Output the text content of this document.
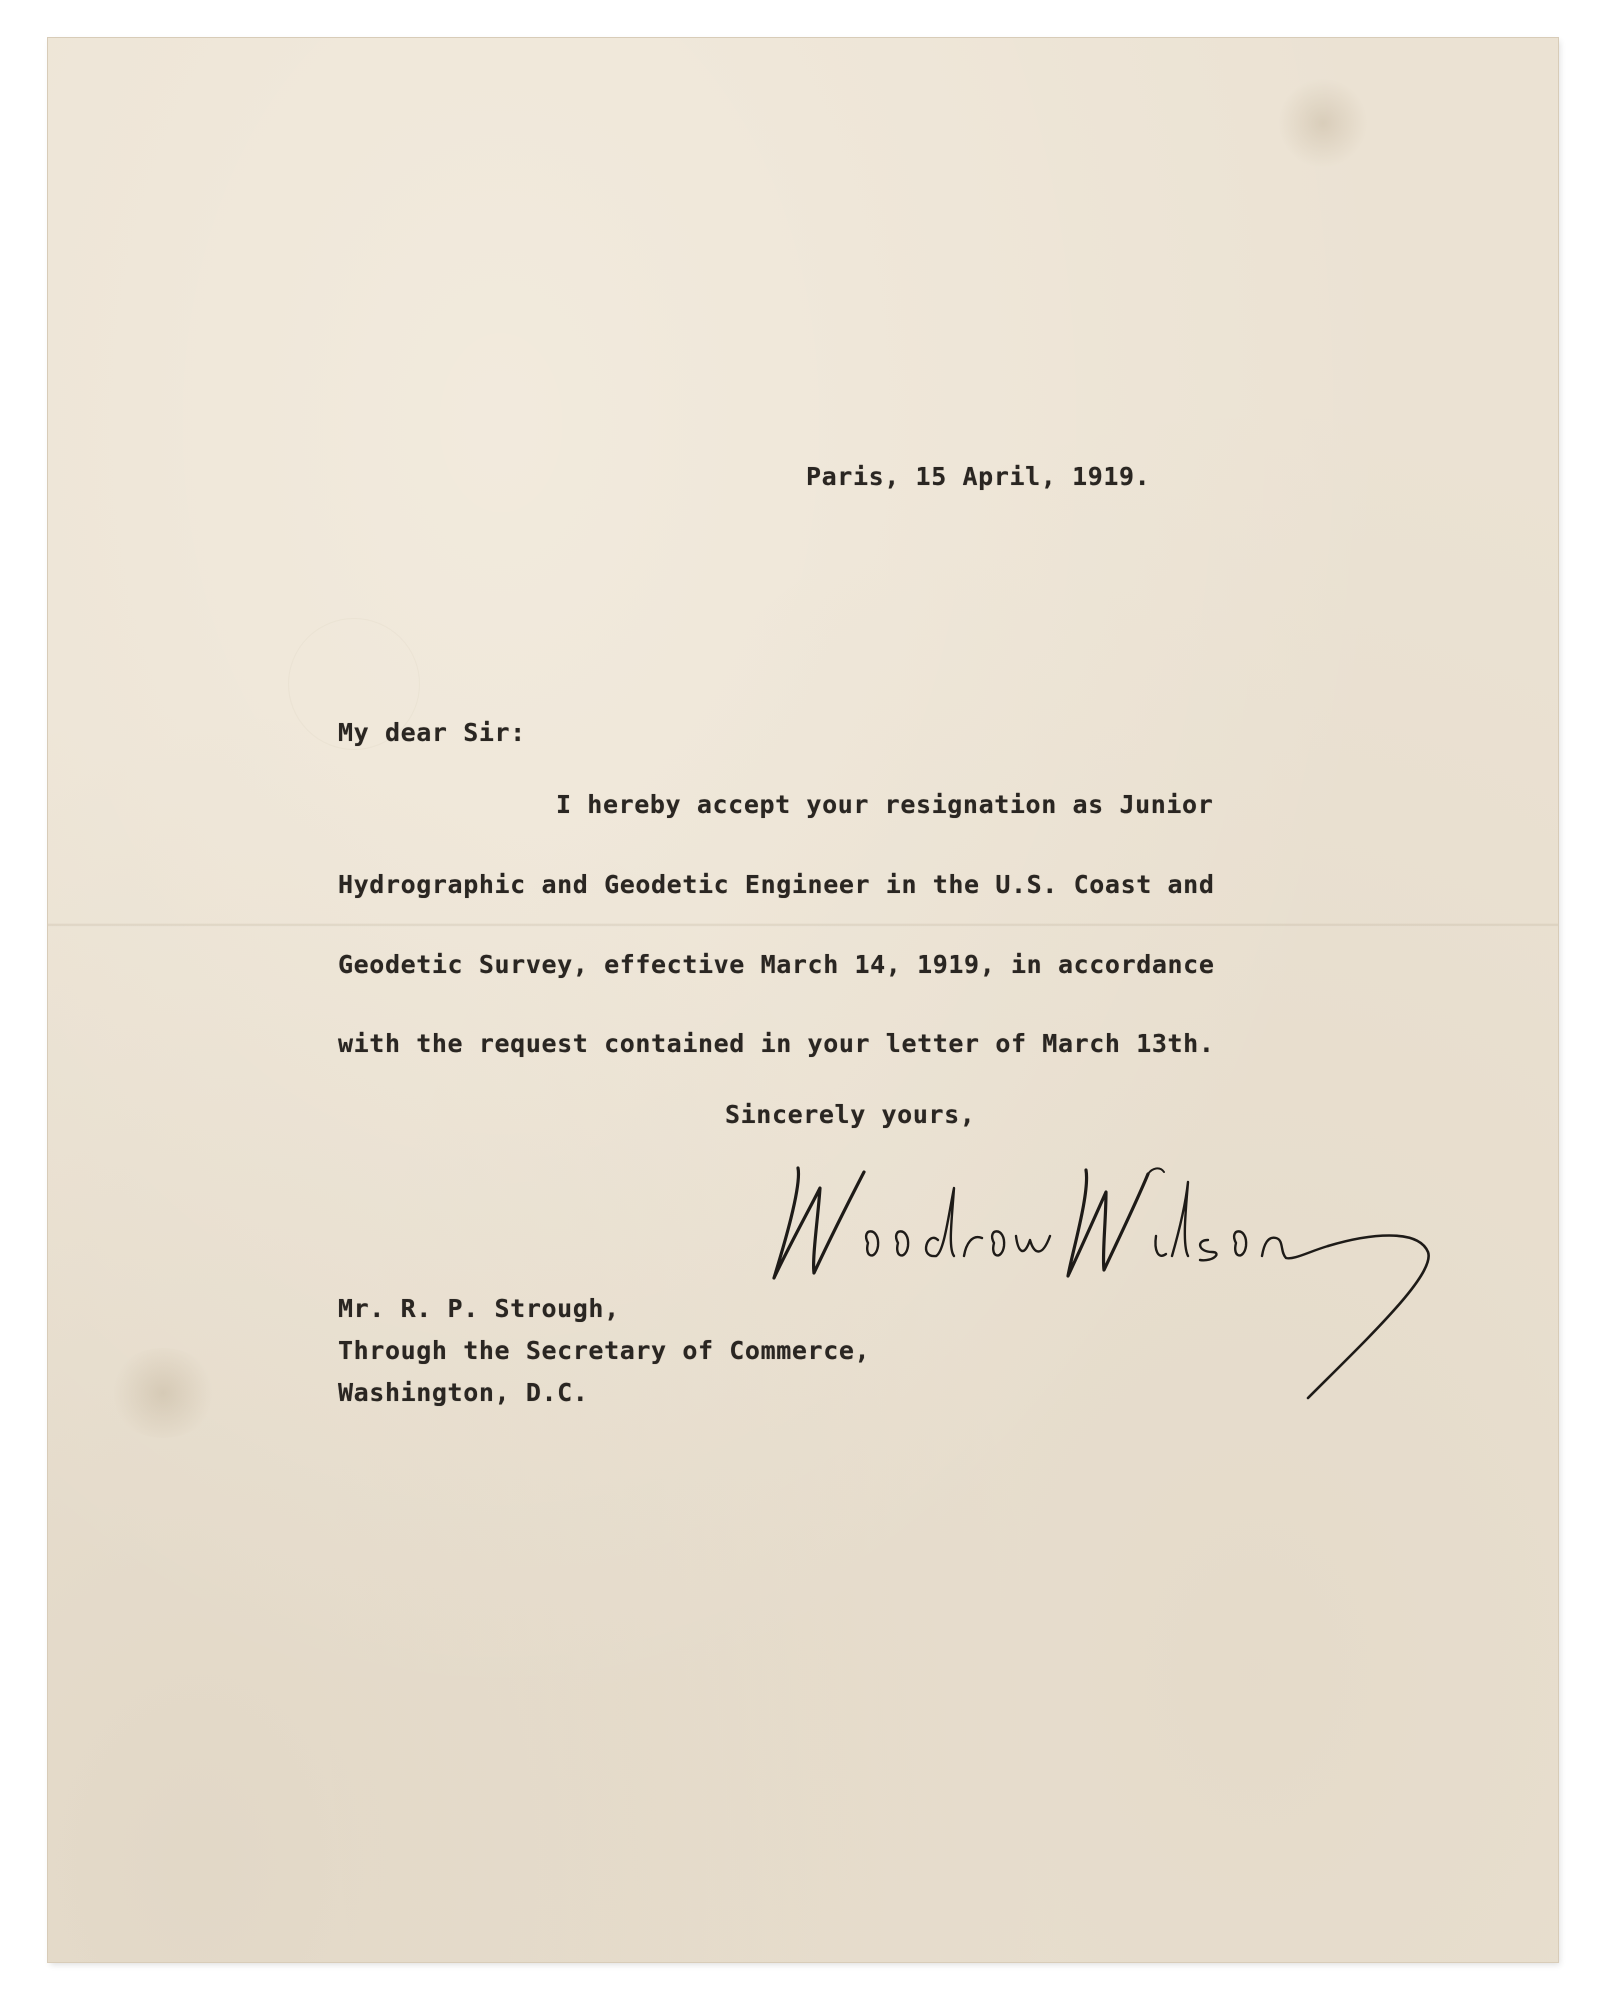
Paris, 15 April, 1919.
My dear Sir:
I hereby accept your resignation as Junior
Hydrographic and Geodetic Engineer in the U.S. Coast and
Geodetic Survey, effective March 14, 1919, in accordance
with the request contained in your letter of March 13th.
Sincerely yours,
Mr. R. P. Strough,
Through the Secretary of Commerce,
Washington, D.C.
